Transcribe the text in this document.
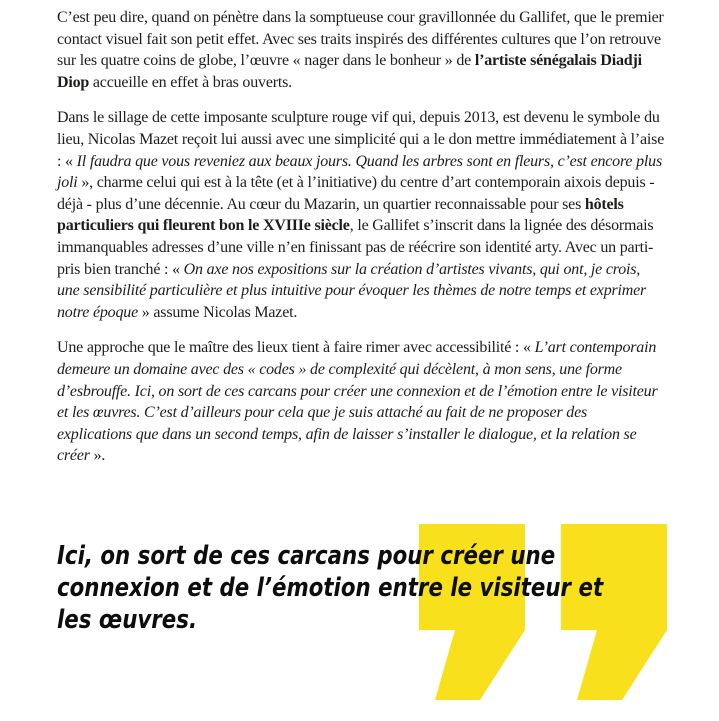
C’est peu dire, quand on pénètre dans la somptueuse cour gravillonnée du Gallifet, que le premier contact visuel fait son petit effet. Avec ses traits inspirés des différentes cultures que l’on retrouve sur les quatre coins de globe, l’œuvre « nager dans le bonheur » de l’artiste sénégalais Diadji Diop accueille en effet à bras ouverts.

Dans le sillage de cette imposante sculpture rouge vif qui, depuis 2013, est devenu le symbole du lieu, Nicolas Mazet reçoit lui aussi avec une simplicité qui a le don mettre immédiatement à l’aise : « Il faudra que vous reveniez aux beaux jours. Quand les arbres sont en fleurs, c’est encore plus joli », charme celui qui est à la tête (et à l’initiative) du centre d’art contemporain aixois depuis - déjà - plus d’une décennie. Au cœur du Mazarin, un quartier reconnaissable pour ses hôtels particuliers qui fleurent bon le XVIIIe siècle, le Gallifet s’inscrit dans la lignée des désormais immanquables adresses d’une ville n’en finissant pas de réécrire son identité arty. Avec un parti-pris bien tranché : « On axe nos expositions sur la création d’artistes vivants, qui ont, je crois, une sensibilité particulière et plus intuitive pour évoquer les thèmes de notre temps et exprimer notre époque » assume Nicolas Mazet.

Une approche que le maître des lieux tient à faire rimer avec accessibilité : « L’art contemporain demeure un domaine avec des « codes » de complexité qui décèlent, à mon sens, une forme d’esbrouffe. Ici, on sort de ces carcans pour créer une connexion et de l’émotion entre le visiteur et les œuvres. C’est d’ailleurs pour cela que je suis attaché au fait de ne proposer des explications que dans un second temps, afin de laisser s’installer le dialogue, et la relation se créer ».

Ici, on sort de ces carcans pour créer une
connexion et de l’émotion entre le visiteur et
les œuvres.
